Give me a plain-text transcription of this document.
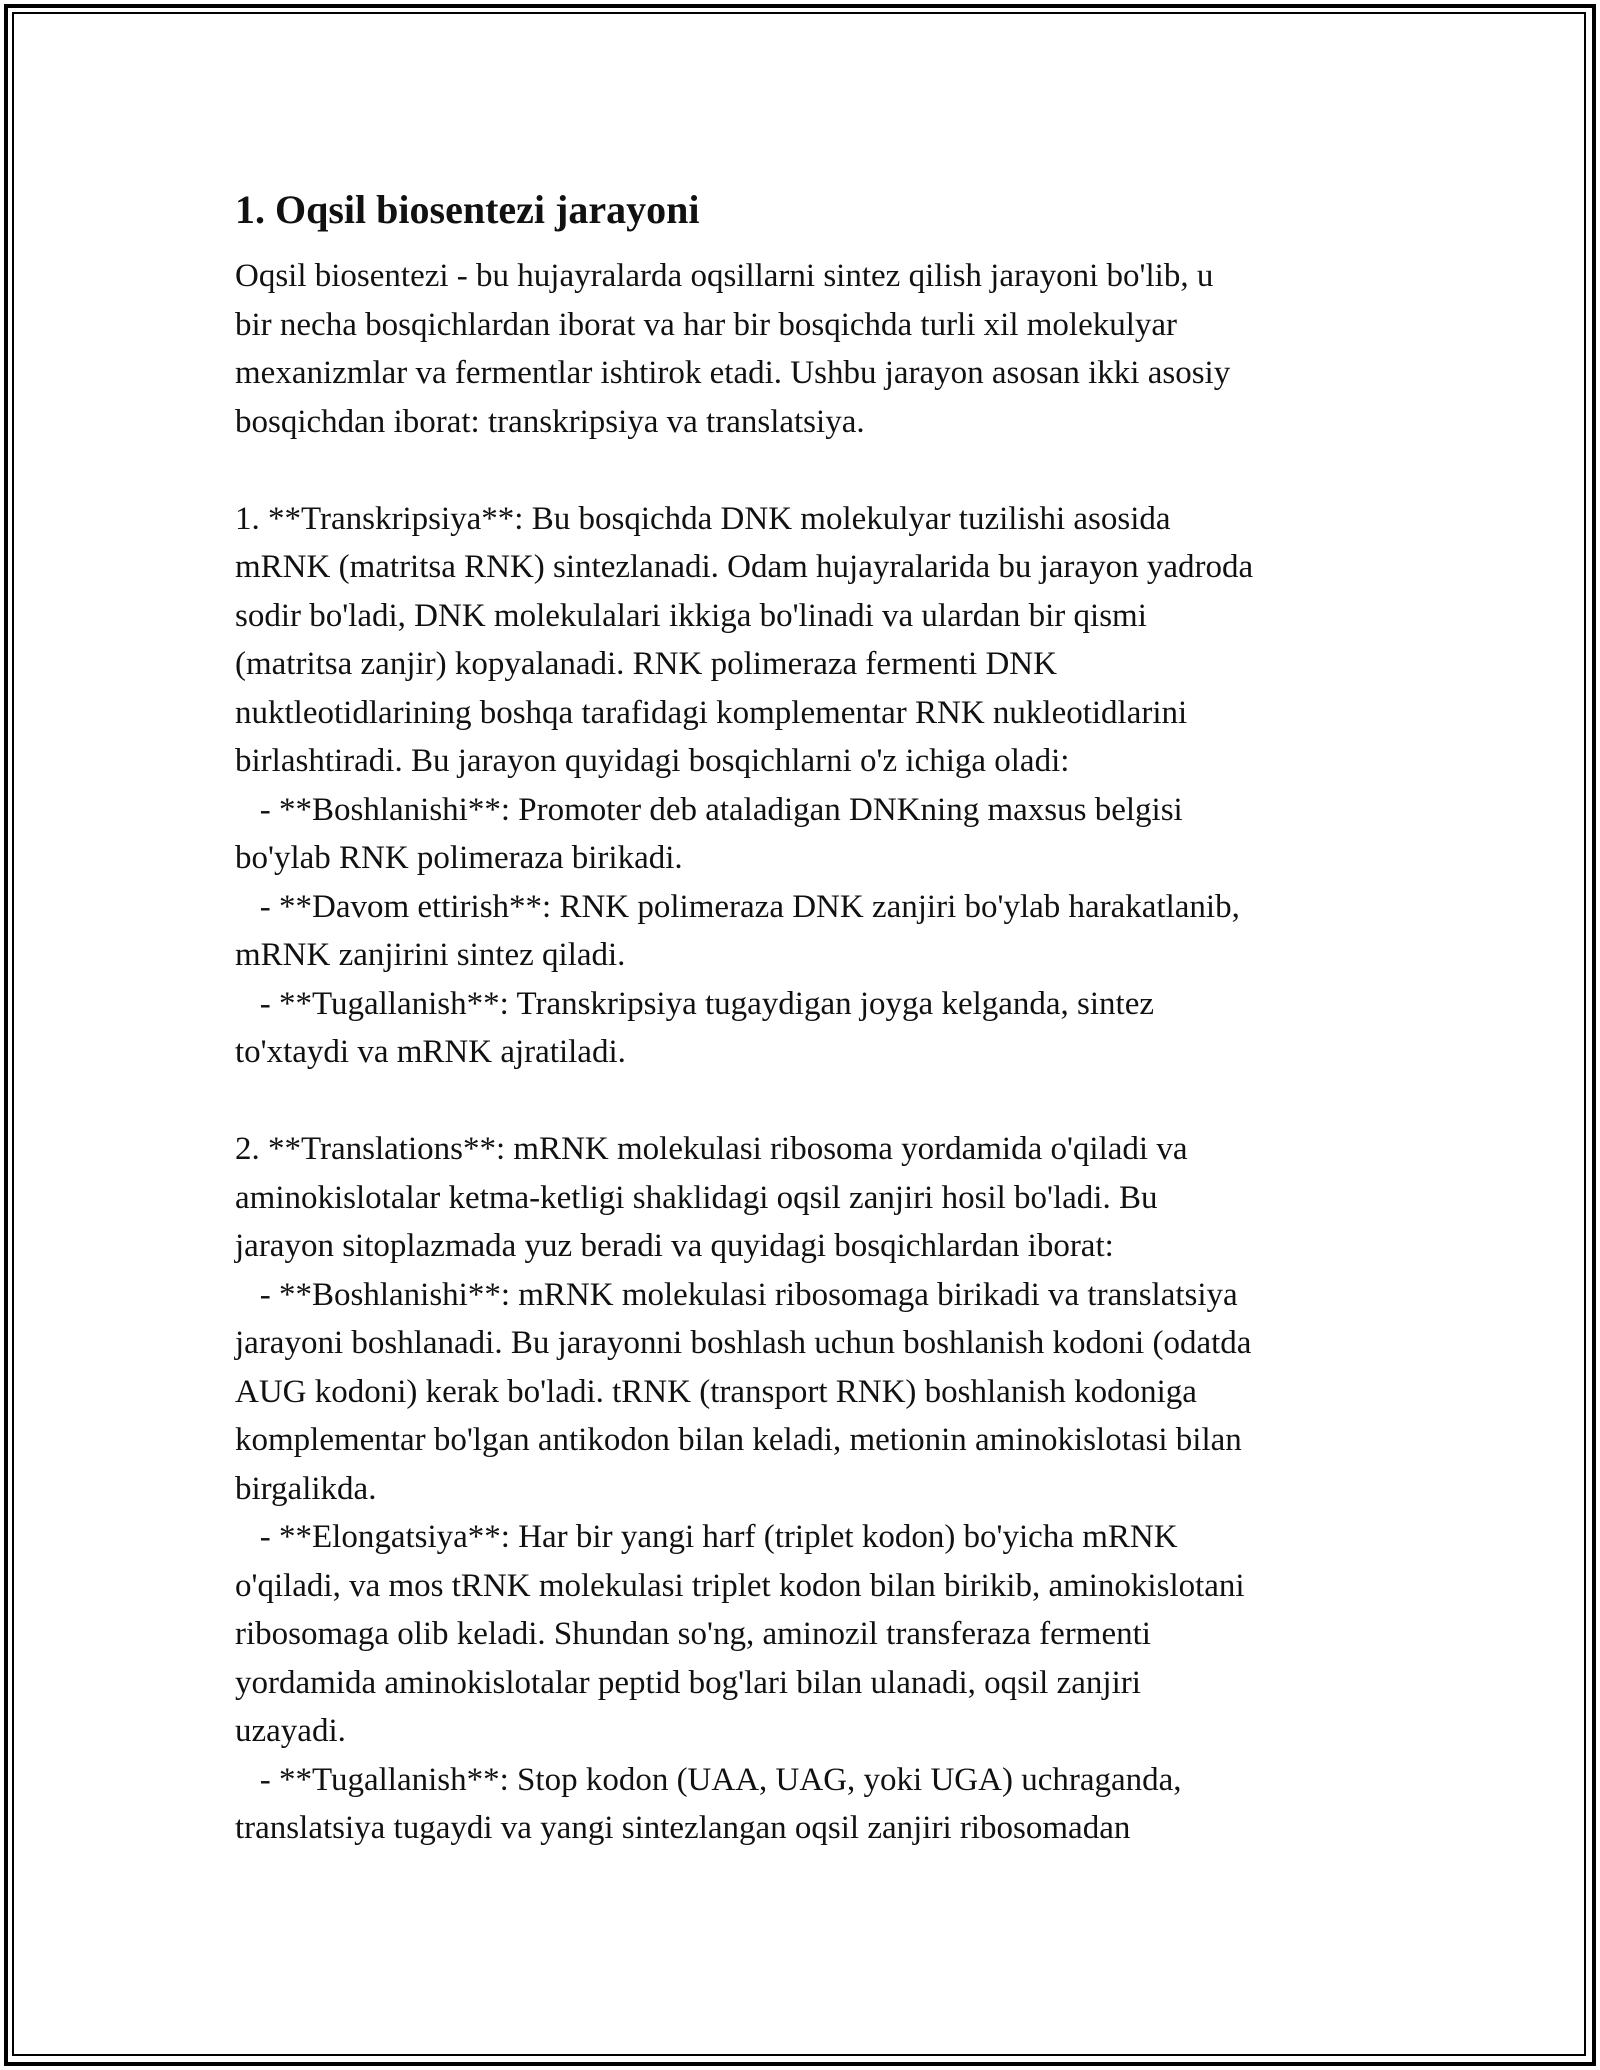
1. Oqsil biosentezi jarayoni

Oqsil biosentezi - bu hujayralarda oqsillarni sintez qilish jarayoni bo'lib, u
bir necha bosqichlardan iborat va har bir bosqichda turli xil molekulyar
mexanizmlar va fermentlar ishtirok etadi. Ushbu jarayon asosan ikki asosiy
bosqichdan iborat: transkripsiya va translatsiya.

1. **Transkripsiya**: Bu bosqichda DNK molekulyar tuzilishi asosida
mRNK (matritsa RNK) sintezlanadi. Odam hujayralarida bu jarayon yadroda
sodir bo'ladi, DNK molekulalari ikkiga bo'linadi va ulardan bir qismi
(matritsa zanjir) kopyalanadi. RNK polimeraza fermenti DNK
nuktleotidlarining boshqa tarafidagi komplementar RNK nukleotidlarini
birlashtiradi. Bu jarayon quyidagi bosqichlarni o'z ichiga oladi:
- **Boshlanishi**: Promoter deb ataladigan DNKning maxsus belgisi
bo'ylab RNK polimeraza birikadi.
- **Davom ettirish**: RNK polimeraza DNK zanjiri bo'ylab harakatlanib,
mRNK zanjirini sintez qiladi.
- **Tugallanish**: Transkripsiya tugaydigan joyga kelganda, sintez
to'xtaydi va mRNK ajratiladi.

2. **Translations**: mRNK molekulasi ribosoma yordamida o'qiladi va
aminokislotalar ketma-ketligi shaklidagi oqsil zanjiri hosil bo'ladi. Bu
jarayon sitoplazmada yuz beradi va quyidagi bosqichlardan iborat:
- **Boshlanishi**: mRNK molekulasi ribosomaga birikadi va translatsiya
jarayoni boshlanadi. Bu jarayonni boshlash uchun boshlanish kodoni (odatda
AUG kodoni) kerak bo'ladi. tRNK (transport RNK) boshlanish kodoniga
komplementar bo'lgan antikodon bilan keladi, metionin aminokislotasi bilan
birgalikda.
- **Elongatsiya**: Har bir yangi harf (triplet kodon) bo'yicha mRNK
o'qiladi, va mos tRNK molekulasi triplet kodon bilan birikib, aminokislotani
ribosomaga olib keladi. Shundan so'ng, aminozil transferaza fermenti
yordamida aminokislotalar peptid bog'lari bilan ulanadi, oqsil zanjiri
uzayadi.
- **Tugallanish**: Stop kodon (UAA, UAG, yoki UGA) uchraganda,
translatsiya tugaydi va yangi sintezlangan oqsil zanjiri ribosomadan
